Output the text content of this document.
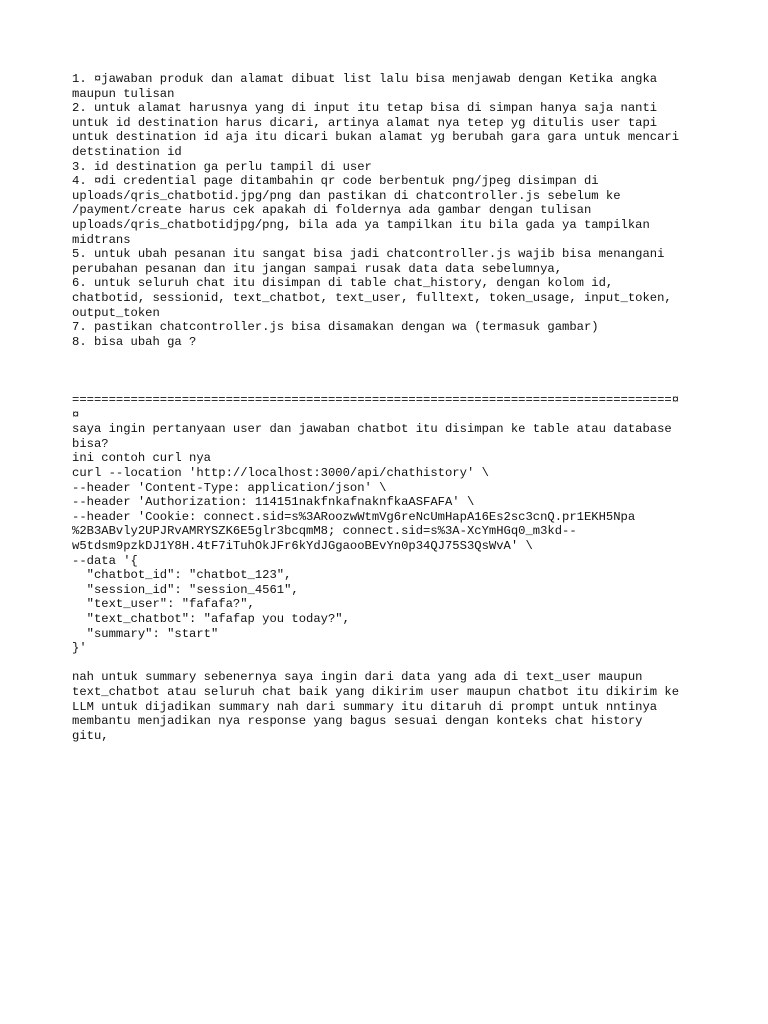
1. ¤jawaban produk dan alamat dibuat list lalu bisa menjawab dengan Ketika angka
maupun tulisan
2. untuk alamat harusnya yang di input itu tetap bisa di simpan hanya saja nanti
untuk id destination harus dicari, artinya alamat nya tetep yg ditulis user tapi
untuk destination id aja itu dicari bukan alamat yg berubah gara gara untuk mencari
detstination id
3. id destination ga perlu tampil di user
4. ¤di credential page ditambahin qr code berbentuk png/jpeg disimpan di
uploads/qris_chatbotid.jpg/png dan pastikan di chatcontroller.js sebelum ke
/payment/create harus cek apakah di foldernya ada gambar dengan tulisan
uploads/qris_chatbotidjpg/png, bila ada ya tampilkan itu bila gada ya tampilkan
midtrans
5. untuk ubah pesanan itu sangat bisa jadi chatcontroller.js wajib bisa menangani
perubahan pesanan dan itu jangan sampai rusak data data sebelumnya,
6. untuk seluruh chat itu disimpan di table chat_history, dengan kolom id,
chatbotid, sessionid, text_chatbot, text_user, fulltext, token_usage, input_token,
output_token
7. pastikan chatcontroller.js bisa disamakan dengan wa (termasuk gambar)
8. bisa ubah ga ?
==================================================================================¤
¤
saya ingin pertanyaan user dan jawaban chatbot itu disimpan ke table atau database
bisa?
ini contoh curl nya
curl --location 'http://localhost:3000/api/chathistory' \
--header 'Content-Type: application/json' \
--header 'Authorization: 114151nakfnkafnaknfkaASFAFA' \
--header 'Cookie: connect.sid=s%3ARoozwWtmVg6reNcUmHapA16Es2sc3cnQ.pr1EKH5Npa
%2B3ABvly2UPJRvAMRYSZK6E5glr3bcqmM8; connect.sid=s%3A-XcYmHGq0_m3kd--
w5tdsm9pzkDJ1Y8H.4tF7iTuhOkJFr6kYdJGgaooBEvYn0p34QJ75S3QsWvA' \
--data '{
"chatbot_id": "chatbot_123",
"session_id": "session_4561",
"text_user": "fafafa?",
"text_chatbot": "afafap you today?",
"summary": "start"
}'
nah untuk summary sebenernya saya ingin dari data yang ada di text_user maupun
text_chatbot atau seluruh chat baik yang dikirim user maupun chatbot itu dikirim ke
LLM untuk dijadikan summary nah dari summary itu ditaruh di prompt untuk nntinya
membantu menjadikan nya response yang bagus sesuai dengan konteks chat history
gitu,
